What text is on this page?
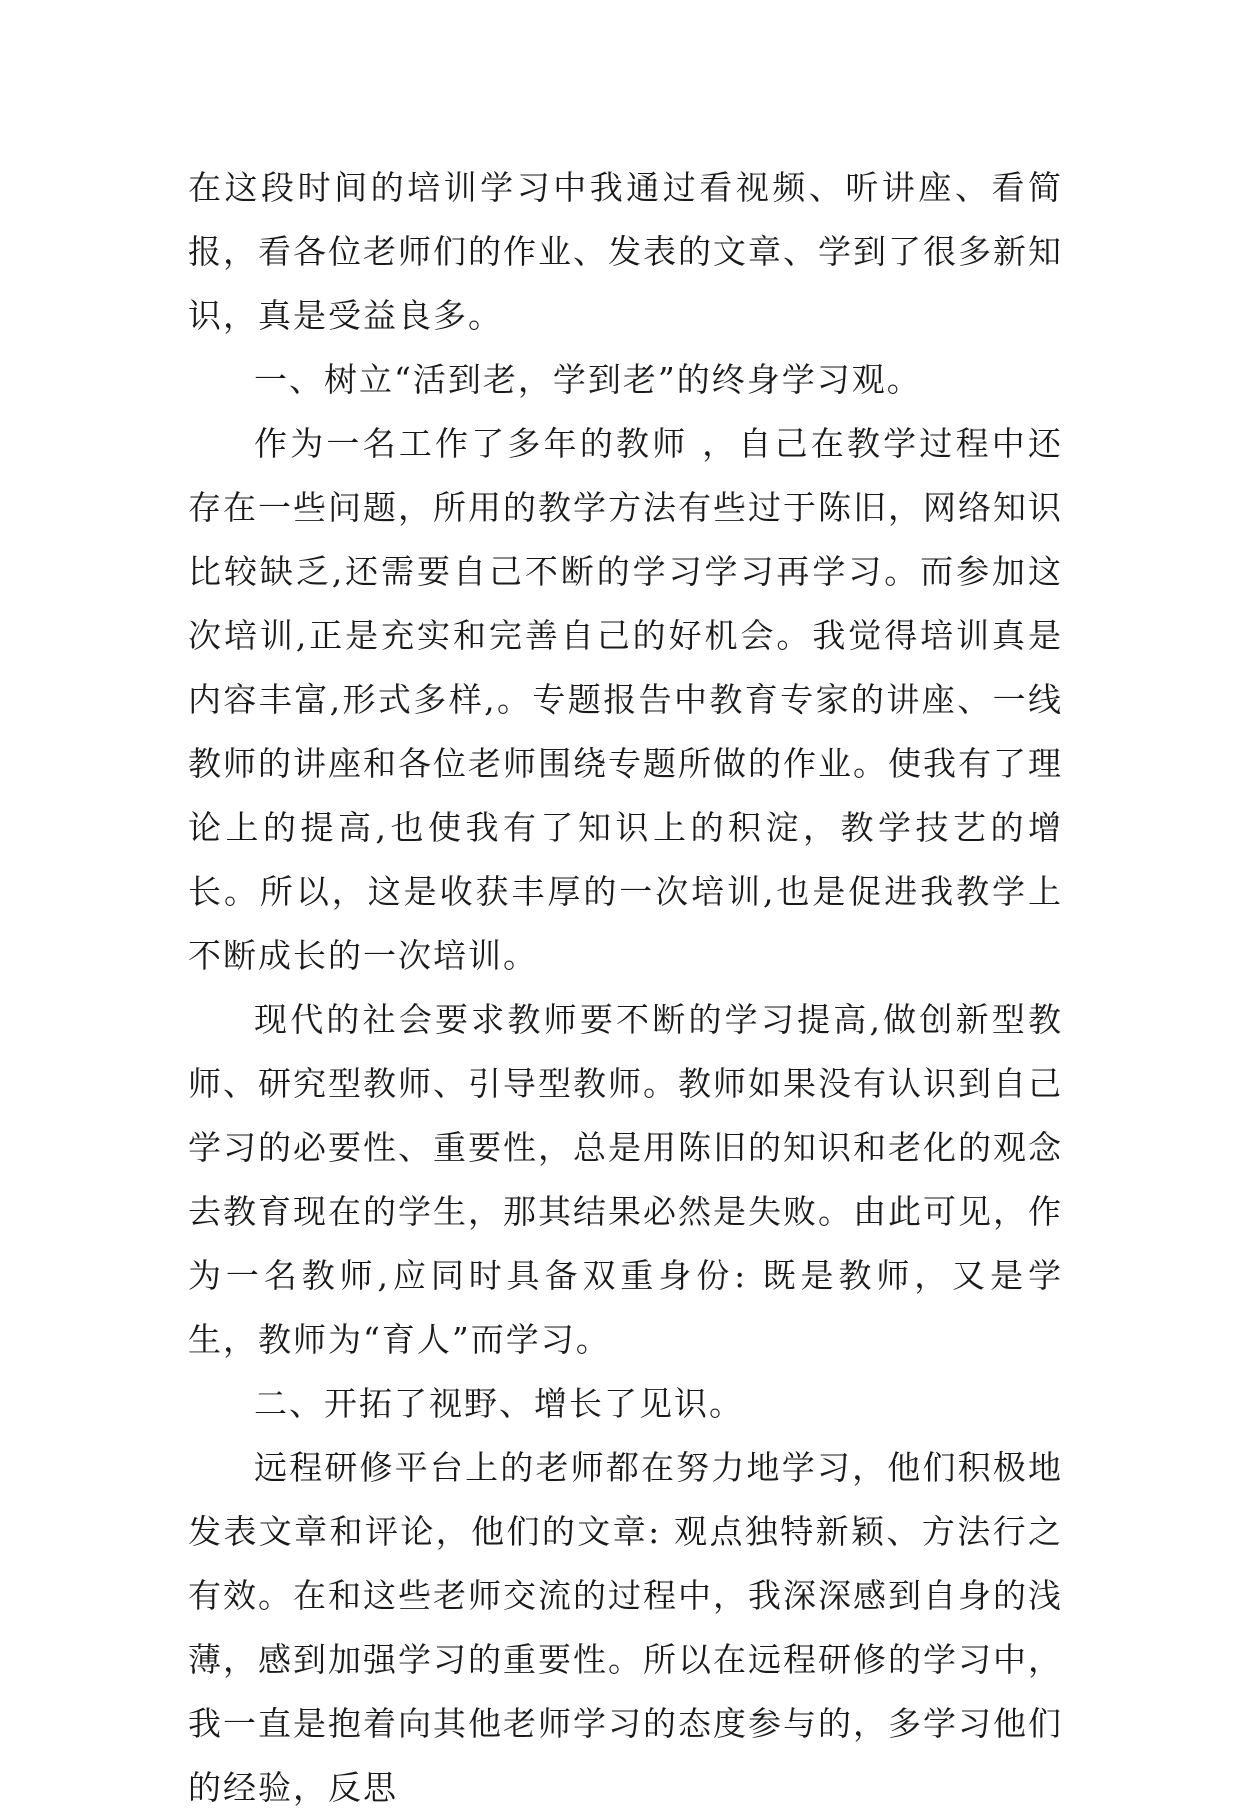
在这段时间的培训学习中我通过看视频、听讲座、看简报，看各位老师们的作业、发表的文章、学到了很多新知识，真是受益良多。

一、树立“活到老，学到老”的终身学习观。

作为一名工作了多年的教师 ，自己在教学过程中还存在一些问题，所用的教学方法有些过于陈旧，网络知识比较缺乏,还需要自己不断的学习学习再学习。而参加这次培训,正是充实和完善自己的好机会。我觉得培训真是内容丰富,形式多样,。专题报告中教育专家的讲座、一线教师的讲座和各位老师围绕专题所做的作业。使我有了理论上的提高,也使我有了知识上的积淀，教学技艺的增长。所以，这是收获丰厚的一次培训,也是促进我教学上不断成长的一次培训。

现代的社会要求教师要不断的学习提高,做创新型教师、研究型教师、引导型教师。教师如果没有认识到自己学习的必要性、重要性，总是用陈旧的知识和老化的观念去教育现在的学生，那其结果必然是失败。由此可见，作为一名教师,应同时具备双重身份: 既是教师，又是学生，教师为“育人”而学习。

二、开拓了视野、增长了见识。

远程研修平台上的老师都在努力地学习，他们积极地发表文章和评论，他们的文章: 观点独特新颖、方法行之有效。在和这些老师交流的过程中，我深深感到自身的浅薄，感到加强学习的重要性。所以在远程研修的学习中，我一直是抱着向其他老师学习的态度参与的，多学习他们的经验，反思
